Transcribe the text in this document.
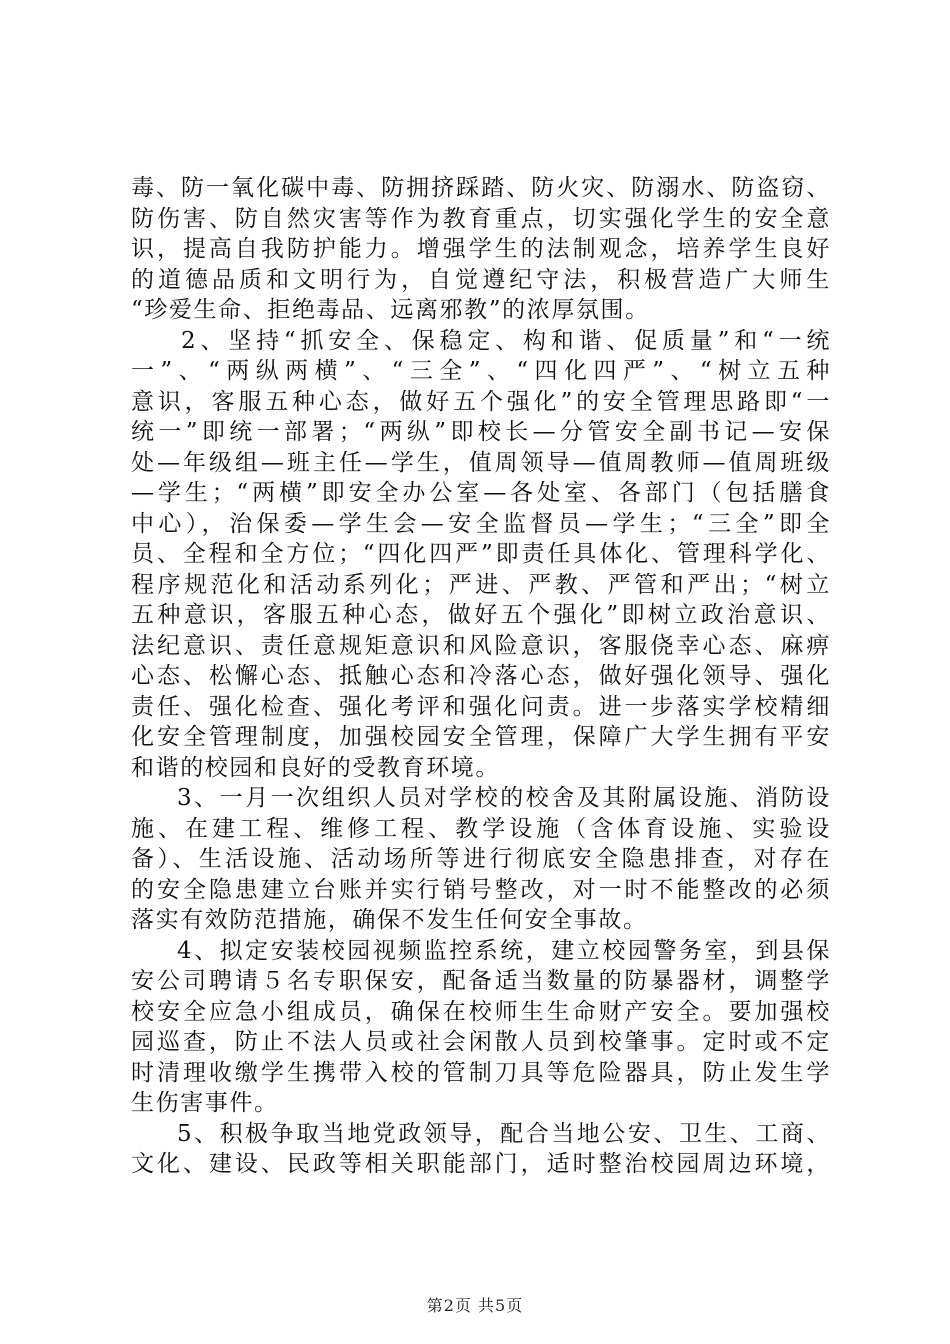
毒、防一氧化碳中毒、防拥挤踩踏、防火灾、防溺水、防盗窃、
防伤害、防自然灾害等作为教育重点，切实强化学生的安全意
识，提高自我防护能力。增强学生的法制观念，培养学生良好
的道德品质和文明行为，自觉遵纪守法，积极营造广大师生
“珍爱生命、拒绝毒品、远离邪教”的浓厚氛围。
2、坚持“抓安全、保稳定、构和谐、促质量”和“一统
一”、“两纵两横”、“三全”、“四化四严”、“树立五种
意识，客服五种心态，做好五个强化”的安全管理思路即“一
统一”即统一部署；“两纵”即校长—分管安全副书记—安保
处—年级组—班主任—学生，值周领导—值周教师—值周班级
—学生；“两横”即安全办公室—各处室、各部门（包括膳食
中心），治保委—学生会—安全监督员—学生；“三全”即全
员、全程和全方位；“四化四严”即责任具体化、管理科学化、
程序规范化和活动系列化；严进、严教、严管和严出；“树立
五种意识，客服五种心态，做好五个强化”即树立政治意识、
法纪意识、责任意规矩意识和风险意识，客服侥幸心态、麻痹
心态、松懈心态、抵触心态和冷落心态，做好强化领导、强化
责任、强化检查、强化考评和强化问责。进一步落实学校精细
化安全管理制度，加强校园安全管理，保障广大学生拥有平安
和谐的校园和良好的受教育环境。
3、一月一次组织人员对学校的校舍及其附属设施、消防设
施、在建工程、维修工程、教学设施（含体育设施、实验设
备）、生活设施、活动场所等进行彻底安全隐患排查，对存在
的安全隐患建立台账并实行销号整改，对一时不能整改的必须
落实有效防范措施，确保不发生任何安全事故。
4、拟定安装校园视频监控系统，建立校园警务室，到县保
安公司聘请５名专职保安，配备适当数量的防暴器材，调整学
校安全应急小组成员，确保在校师生生命财产安全。要加强校
园巡查，防止不法人员或社会闲散人员到校肇事。定时或不定
时清理收缴学生携带入校的管制刀具等危险器具，防止发生学
生伤害事件。
5、积极争取当地党政领导，配合当地公安、卫生、工商、
文化、建设、民政等相关职能部门，适时整治校园周边环境，
第2页 共5页
